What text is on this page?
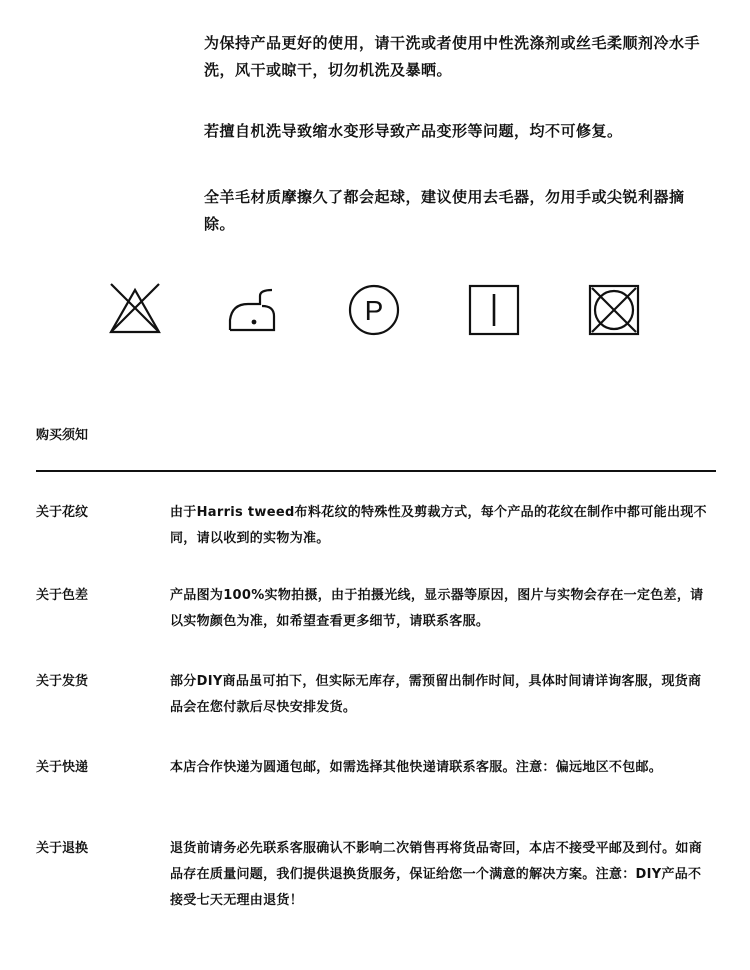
为保持产品更好的使用，请干洗或者使用中性洗涤剂或丝毛柔顺剂冷水手洗，风干或晾干，切勿机洗及暴晒。
若擅自机洗导致缩水变形导致产品变形等问题，均不可修复。
全羊毛材质摩擦久了都会起球，建议使用去毛器，勿用手或尖锐利器摘除。
P
购买须知
关于花纹	由于Harris tweed布料花纹的特殊性及剪裁方式，每个产品的花纹在制作中都可能出现不同，请以收到的实物为准。
关于色差	产品图为100%实物拍摄，由于拍摄光线，显示器等原因，图片与实物会存在一定色差，请以实物颜色为准，如希望查看更多细节，请联系客服。
关于发货	部分DIY商品虽可拍下，但实际无库存，需预留出制作时间，具体时间请详询客服，现货商品会在您付款后尽快安排发货。
关于快递	本店合作快递为圆通包邮，如需选择其他快递请联系客服。注意：偏远地区不包邮。
关于退换	退货前请务必先联系客服确认不影响二次销售再将货品寄回，本店不接受平邮及到付。如商品存在质量问题，我们提供退换货服务，保证给您一个满意的解决方案。注意：DIY产品不接受七天无理由退货！
